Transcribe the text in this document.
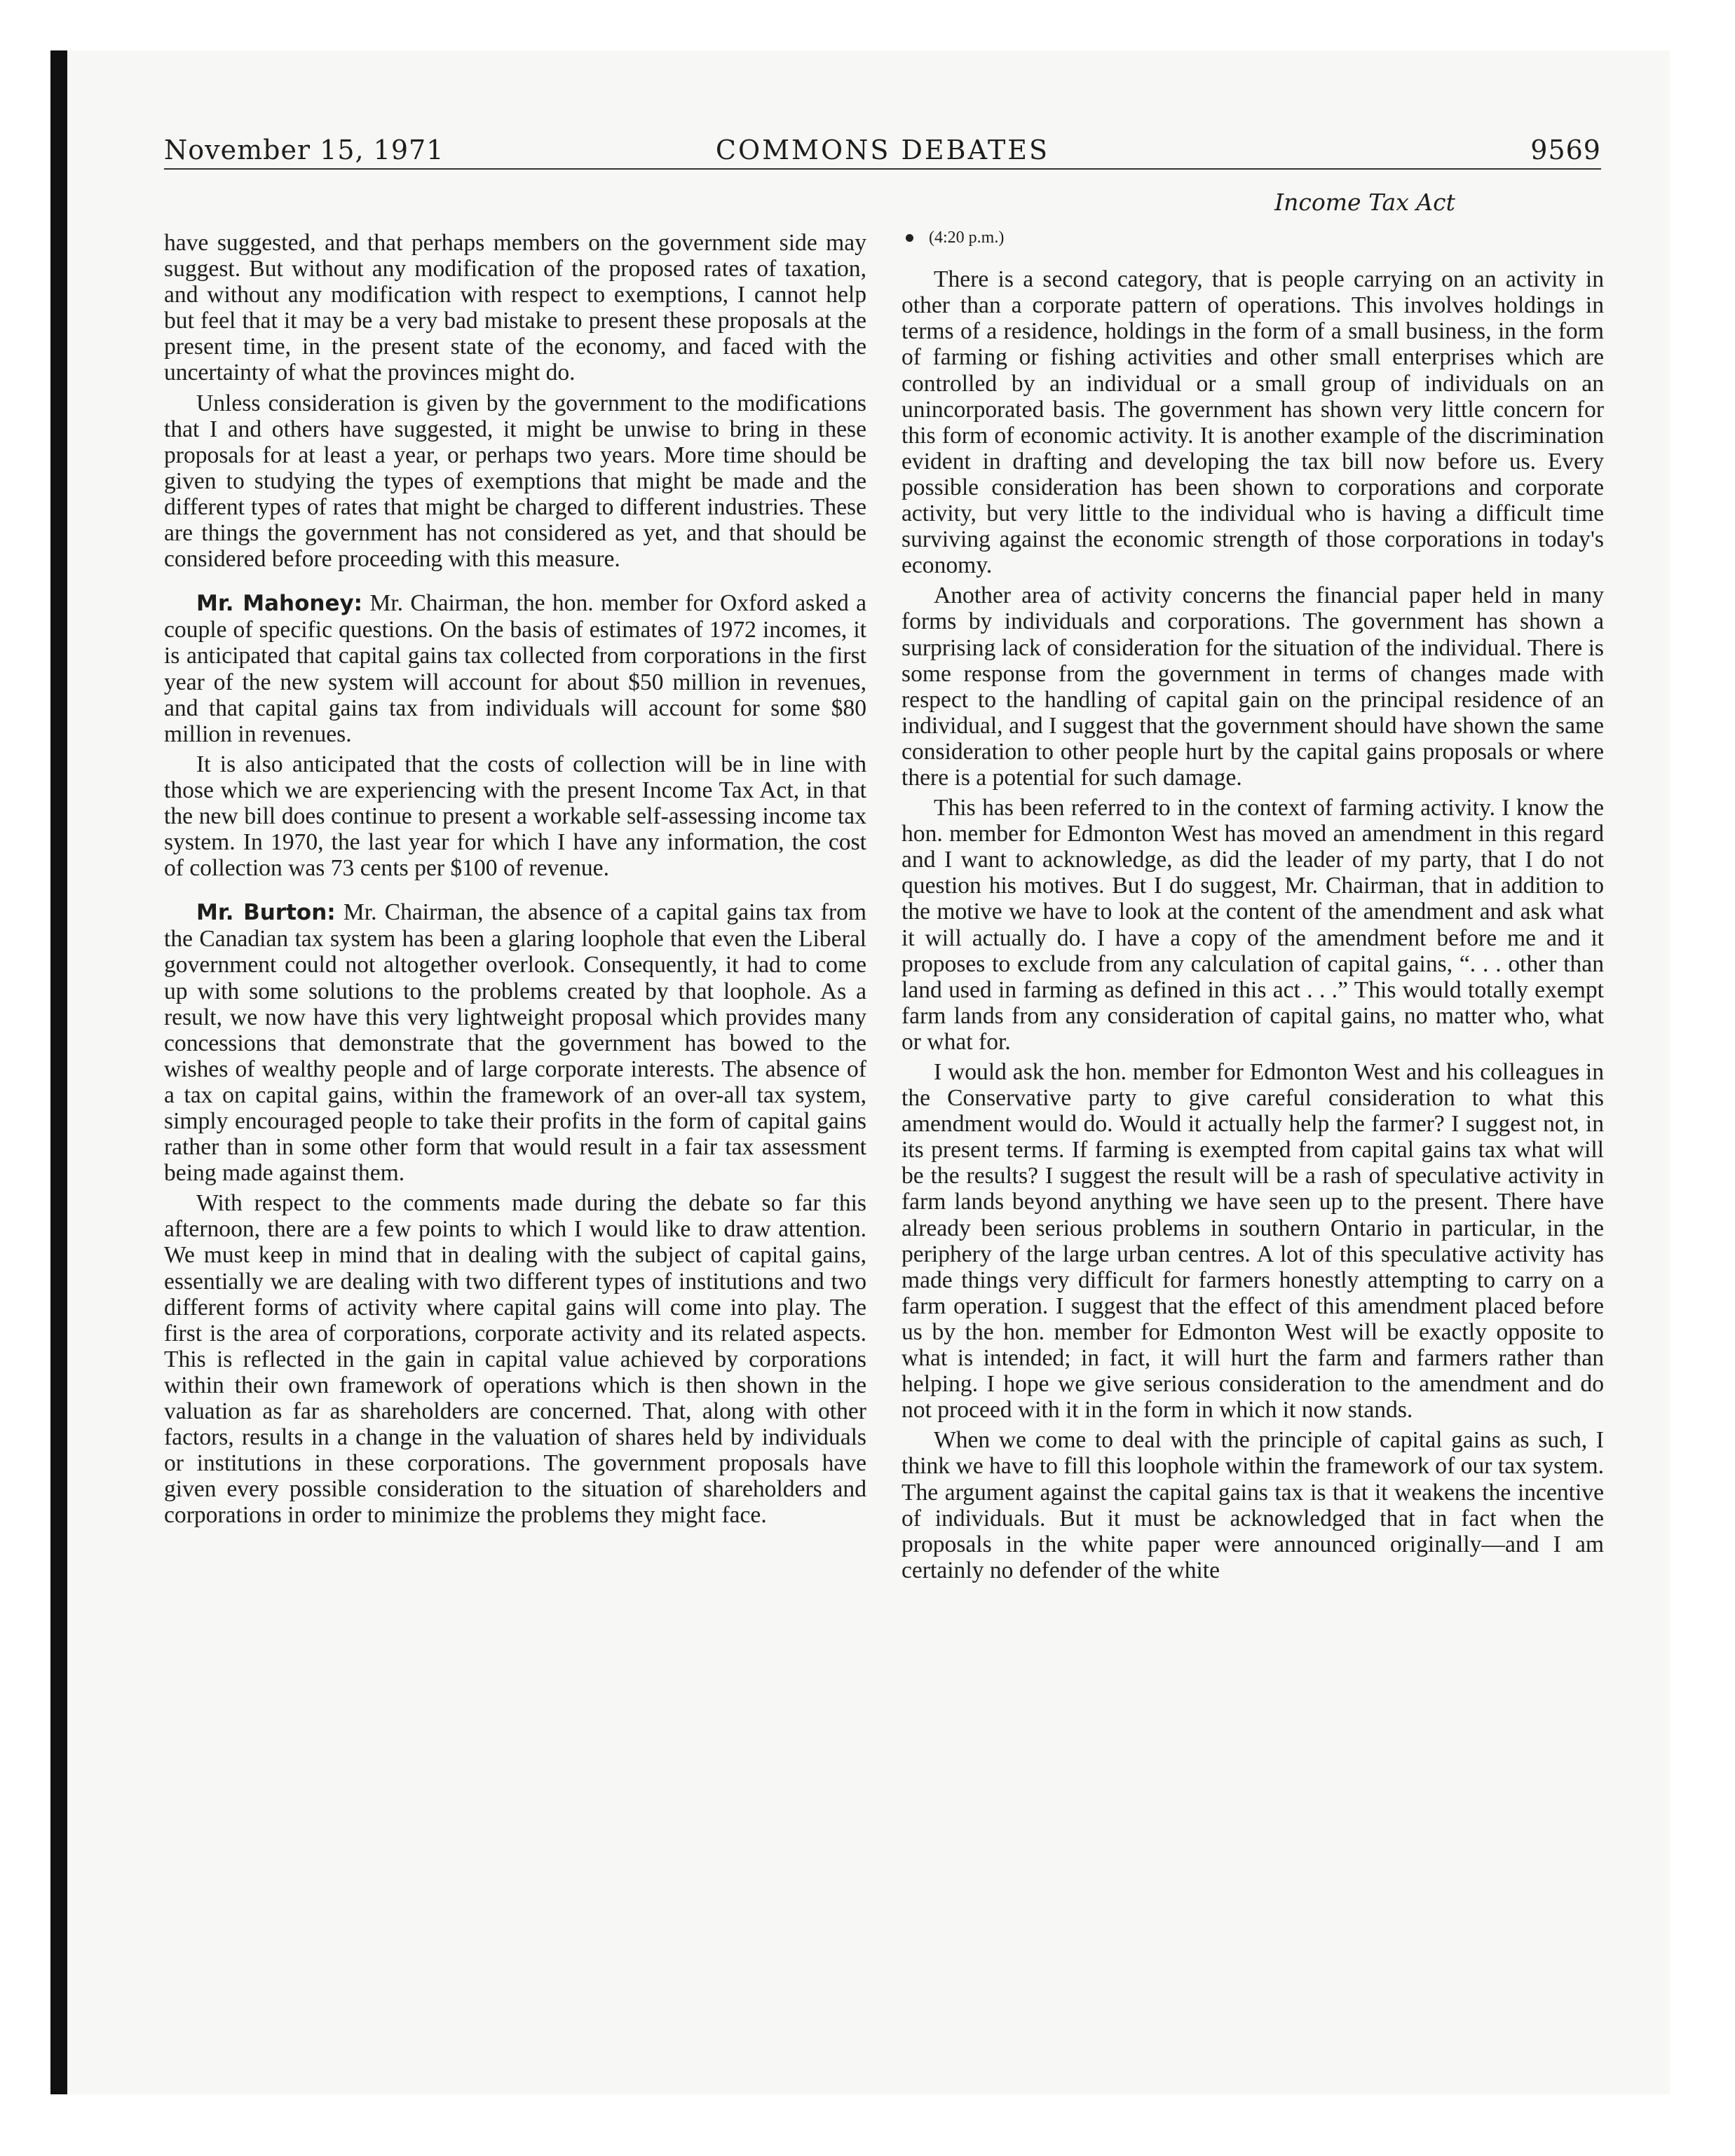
November 15, 1971	COMMONS DEBATES	9569

have suggested, and that perhaps members on the government side may suggest. But without any modification of the proposed rates of taxation, and without any modification with respect to exemptions, I cannot help but feel that it may be a very bad mistake to present these proposals at the present time, in the present state of the economy, and faced with the uncertainty of what the provinces might do.

Unless consideration is given by the government to the modifications that I and others have suggested, it might be unwise to bring in these proposals for at least a year, or perhaps two years. More time should be given to studying the types of exemptions that might be made and the different types of rates that might be charged to different industries. These are things the government has not considered as yet, and that should be considered before proceeding with this measure.

Mr. Mahoney: Mr. Chairman, the hon. member for Oxford asked a couple of specific questions. On the basis of estimates of 1972 incomes, it is anticipated that capital gains tax collected from corporations in the first year of the new system will account for about $50 million in revenues, and that capital gains tax from individuals will account for some $80 million in revenues.

It is also anticipated that the costs of collection will be in line with those which we are experiencing with the present Income Tax Act, in that the new bill does continue to present a workable self-assessing income tax system. In 1970, the last year for which I have any information, the cost of collection was 73 cents per $100 of revenue.

Mr. Burton: Mr. Chairman, the absence of a capital gains tax from the Canadian tax system has been a glaring loophole that even the Liberal government could not altogether overlook. Consequently, it had to come up with some solutions to the problems created by that loophole. As a result, we now have this very lightweight proposal which provides many concessions that demonstrate that the government has bowed to the wishes of wealthy people and of large corporate interests. The absence of a tax on capital gains, within the framework of an over-all tax system, simply encouraged people to take their profits in the form of capital gains rather than in some other form that would result in a fair tax assessment being made against them.

With respect to the comments made during the debate so far this afternoon, there are a few points to which I would like to draw attention. We must keep in mind that in dealing with the subject of capital gains, essentially we are dealing with two different types of institutions and two different forms of activity where capital gains will come into play. The first is the area of corporations, corporate activity and its related aspects. This is reflected in the gain in capital value achieved by corporations within their own framework of operations which is then shown in the valuation as far as shareholders are concerned. That, along with other factors, results in a change in the valuation of shares held by individuals or institutions in these corporations. The government proposals have given every possible consideration to the situation of shareholders and corporations in order to minimize the problems they might face.

Income Tax Act
(4:20 p.m.)

There is a second category, that is people carrying on an activity in other than a corporate pattern of operations. This involves holdings in terms of a residence, holdings in the form of a small business, in the form of farming or fishing activities and other small enterprises which are controlled by an individual or a small group of individuals on an unincorporated basis. The government has shown very little concern for this form of economic activity. It is another example of the discrimination evident in drafting and developing the tax bill now before us. Every possible consideration has been shown to corporations and corporate activity, but very little to the individual who is having a difficult time surviving against the economic strength of those corporations in today's economy.

Another area of activity concerns the financial paper held in many forms by individuals and corporations. The government has shown a surprising lack of consideration for the situation of the individual. There is some response from the government in terms of changes made with respect to the handling of capital gain on the principal residence of an individual, and I suggest that the government should have shown the same consideration to other people hurt by the capital gains proposals or where there is a potential for such damage.

This has been referred to in the context of farming activity. I know the hon. member for Edmonton West has moved an amendment in this regard and I want to acknowledge, as did the leader of my party, that I do not question his motives. But I do suggest, Mr. Chairman, that in addition to the motive we have to look at the content of the amendment and ask what it will actually do. I have a copy of the amendment before me and it proposes to exclude from any calculation of capital gains, “. . . other than land used in farming as defined in this act . . .” This would totally exempt farm lands from any consideration of capital gains, no matter who, what or what for.

I would ask the hon. member for Edmonton West and his colleagues in the Conservative party to give careful consideration to what this amendment would do. Would it actually help the farmer? I suggest not, in its present terms. If farming is exempted from capital gains tax what will be the results? I suggest the result will be a rash of speculative activity in farm lands beyond anything we have seen up to the present. There have already been serious problems in southern Ontario in particular, in the periphery of the large urban centres. A lot of this speculative activity has made things very difficult for farmers honestly attempting to carry on a farm operation. I suggest that the effect of this amendment placed before us by the hon. member for Edmonton West will be exactly opposite to what is intended; in fact, it will hurt the farm and farmers rather than helping. I hope we give serious consideration to the amendment and do not proceed with it in the form in which it now stands.

When we come to deal with the principle of capital gains as such, I think we have to fill this loophole within the framework of our tax system. The argument against the capital gains tax is that it weakens the incentive of individuals. But it must be acknowledged that in fact when the proposals in the white paper were announced originally—and I am certainly no defender of the white
